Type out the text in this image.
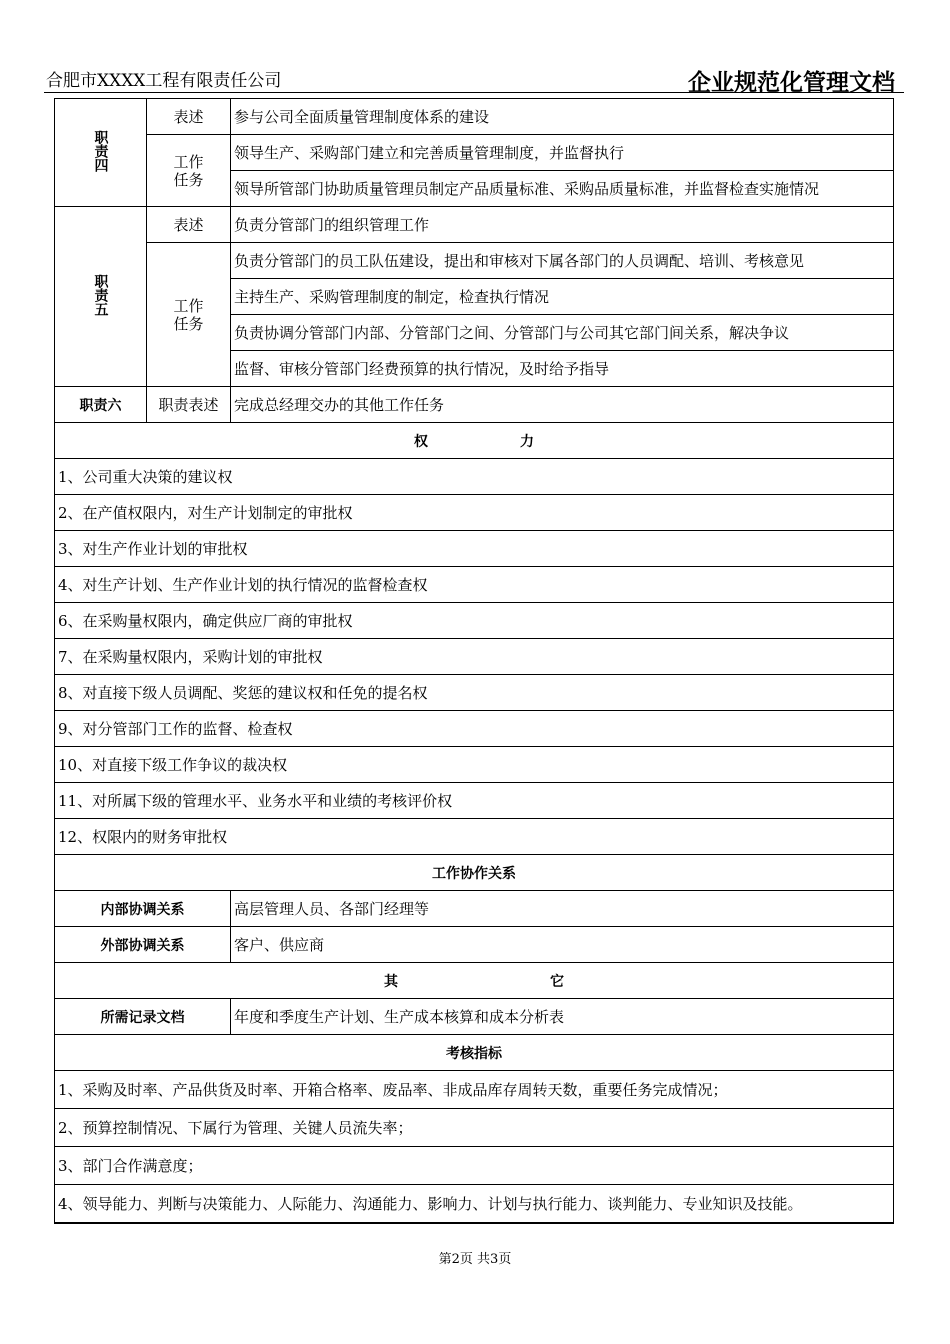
合肥市XXXX工程有限责任公司	企业规范化管理文档
职责四	表述	参与公司全面质量管理制度体系的建设
	工作任务	领导生产、采购部门建立和完善质量管理制度，并监督执行
		领导所管部门协助质量管理员制定产品质量标准、采购品质量标准，并监督检查实施情况
职责五	表述	负责分管部门的组织管理工作
	工作任务	负责分管部门的员工队伍建设，提出和审核对下属各部门的人员调配、培训、考核意见
		主持生产、采购管理制度的制定，检查执行情况
		负责协调分管部门内部、分管部门之间、分管部门与公司其它部门间关系，解决争议
		监督、审核分管部门经费预算的执行情况，及时给予指导
职责六	职责表述	完成总经理交办的其他工作任务
权 力		
1、公司重大决策的建议权		
2、在产值权限内，对生产计划制定的审批权		
3、对生产作业计划的审批权		
4、对生产计划、生产作业计划的执行情况的监督检查权		
6、在采购量权限内，确定供应厂商的审批权		
7、在采购量权限内，采购计划的审批权		
8、对直接下级人员调配、奖惩的建议权和任免的提名权		
9、对分管部门工作的监督、检查权		
10、对直接下级工作争议的裁决权		
11、对所属下级的管理水平、业务水平和业绩的考核评价权		
12、权限内的财务审批权		
工作协作关系		
内部协调关系		高层管理人员、各部门经理等
外部协调关系		客户、供应商
其 它		
所需记录文档		年度和季度生产计划、生产成本核算和成本分析表
考核指标		
1、采购及时率、产品供货及时率、开箱合格率、废品率、非成品库存周转天数，重要任务完成情况；		
2、预算控制情况、下属行为管理、关键人员流失率；		
3、部门合作满意度；		
4、领导能力、判断与决策能力、人际能力、沟通能力、影响力、计划与执行能力、谈判能力、专业知识及技能。		
第2页 共3页
